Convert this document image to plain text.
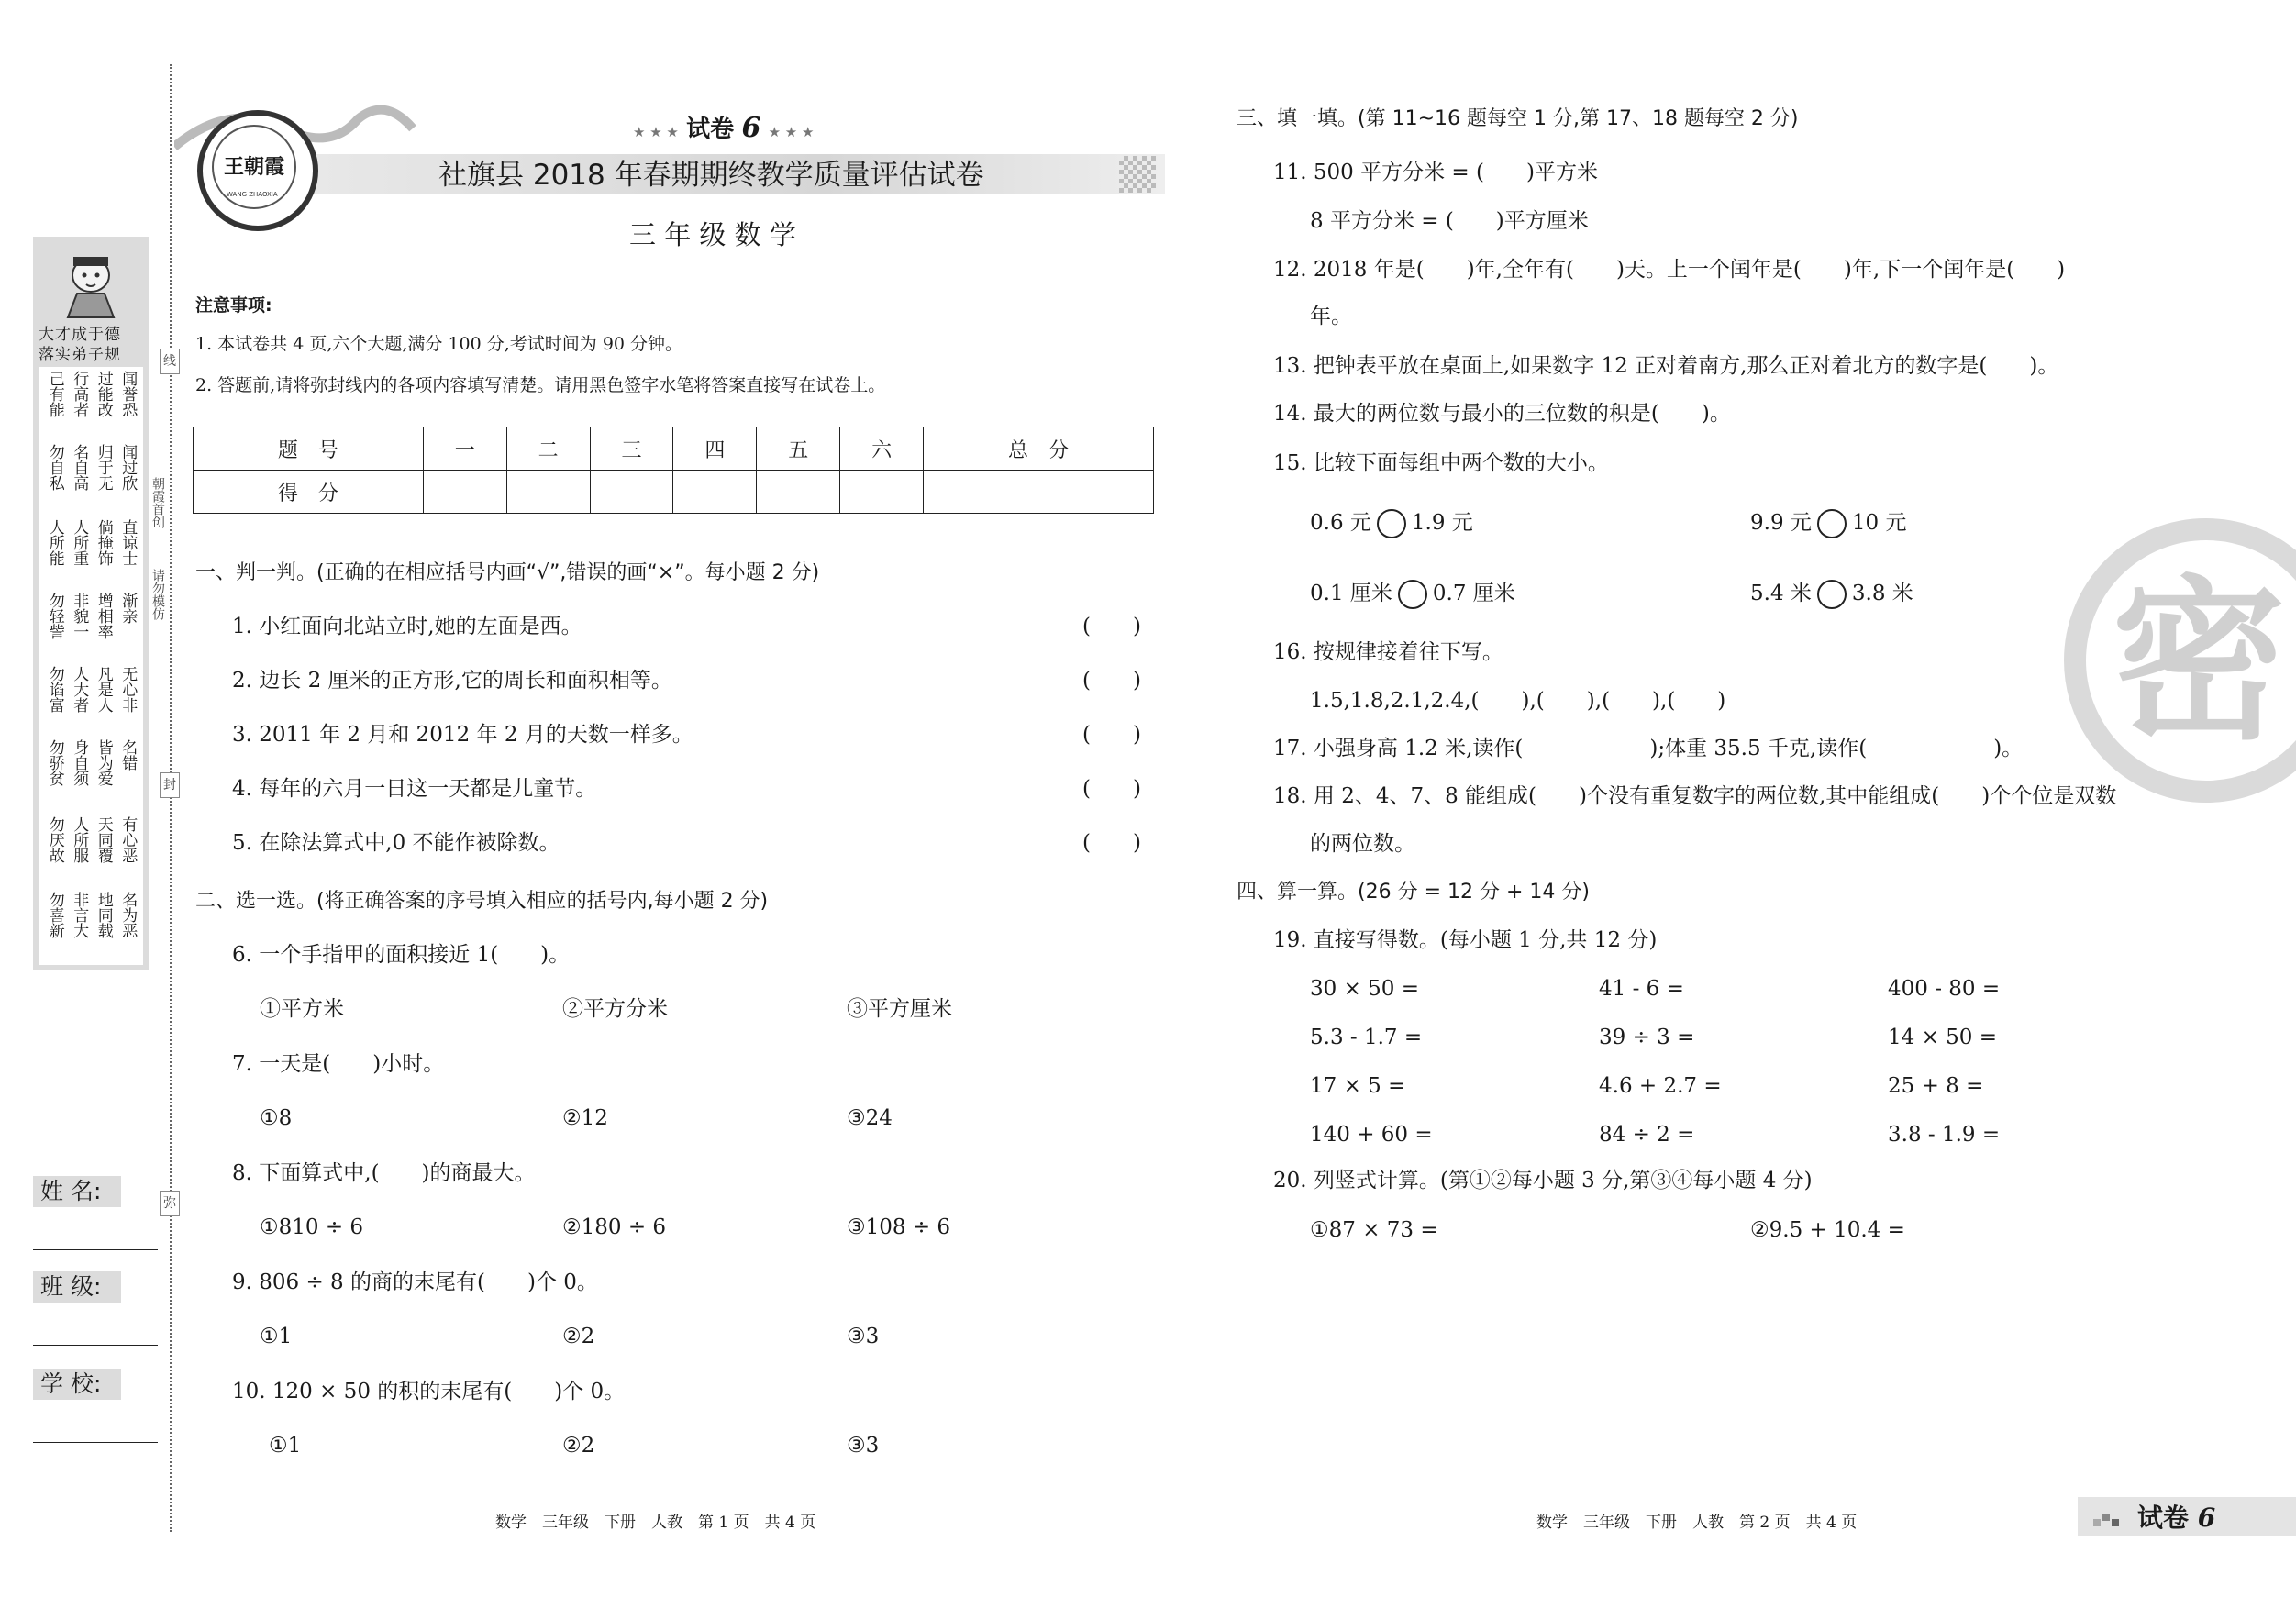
大才成于德
落实弟子规
己有能 行高者 过能改 闻誉恐
勿自私 名自高 归于无 闻过欣
人所能 人所重 倘掩饰 直谅士
勿轻訾 非貌一 增相率 渐亲
勿谄富 人大者 凡是人 无心非
勿骄贫 身自须 皆为爱 名错
勿厌故 人所服 天同覆 有心恶
勿喜新 非言大 地同载 名为恶
姓 名:
班 级:
学 校:
线
朝霞首创
请勿模仿
封
弥
王朝霞
WANG ZHAOXIA
★ ★ ★ 试卷 6 ★ ★ ★
社旗县 2018 年春期期终教学质量评估试卷
三 年 级 数 学
注意事项:
1. 本试卷共 4 页,六个大题,满分 100 分,考试时间为 90 分钟。
2. 答题前,请将弥封线内的各项内容填写清楚。请用黑色签字水笔将答案直接写在试卷上。
题　号	一	二	三	四	五	六	总　分
得　分							
一、判一判。(正确的在相应括号内画“√”,错误的画“×”。每小题 2 分)
1. 小红面向北站立时,她的左面是西。	(　　)
2. 边长 2 厘米的正方形,它的周长和面积相等。	(　　)
3. 2011 年 2 月和 2012 年 2 月的天数一样多。	(　　)
4. 每年的六月一日这一天都是儿童节。	(　　)
5. 在除法算式中,0 不能作被除数。	(　　)
二、选一选。(将正确答案的序号填入相应的括号内,每小题 2 分)
6. 一个手指甲的面积接近 1(　　)。
①平方米	②平方分米	③平方厘米
7. 一天是(　　)小时。
①8	②12	③24
8. 下面算式中,(　　)的商最大。
①810 ÷ 6	②180 ÷ 6	③108 ÷ 6
9. 806 ÷ 8 的商的末尾有(　　)个 0。
①1	②2	③3
10. 120 × 50 的积的末尾有(　　)个 0。
①1	②2	③3
数学　三年级　下册　人教　第 1 页　共 4 页
三、填一填。(第 11~16 题每空 1 分,第 17、18 题每空 2 分)
11. 500 平方分米 = (　　)平方米
8 平方分米 = (　　)平方厘米
12. 2018 年是(　　)年,全年有(　　)天。上一个闰年是(　　)年,下一个闰年是(　　)
年。
13. 把钟表平放在桌面上,如果数字 12 正对着南方,那么正对着北方的数字是(　　)。
14. 最大的两位数与最小的三位数的积是(　　)。
15. 比较下面每组中两个数的大小。
0.6 元 1.9 元	9.9 元 10 元
0.1 厘米 0.7 厘米	5.4 米 3.8 米
16. 按规律接着往下写。
1.5,1.8,2.1,2.4,(　　),(　　),(　　),(　　)
17. 小强身高 1.2 米,读作(　　　　　　);体重 35.5 千克,读作(　　　　　　)。
18. 用 2、4、7、8 能组成(　　)个没有重复数字的两位数,其中能组成(　　)个个位是双数
的两位数。
四、算一算。(26 分 = 12 分 + 14 分)
19. 直接写得数。(每小题 1 分,共 12 分)
30 × 50 =	41 - 6 =	400 - 80 =
5.3 - 1.7 =	39 ÷ 3 =	14 × 50 =
17 × 5 =	4.6 + 2.7 =	25 + 8 =
140 + 60 =	84 ÷ 2 =	3.8 - 1.9 =
20. 列竖式计算。(第①②每小题 3 分,第③④每小题 4 分)
①87 × 73 =	②9.5 + 10.4 =
密
数学　三年级　下册　人教　第 2 页　共 4 页	试卷 6
